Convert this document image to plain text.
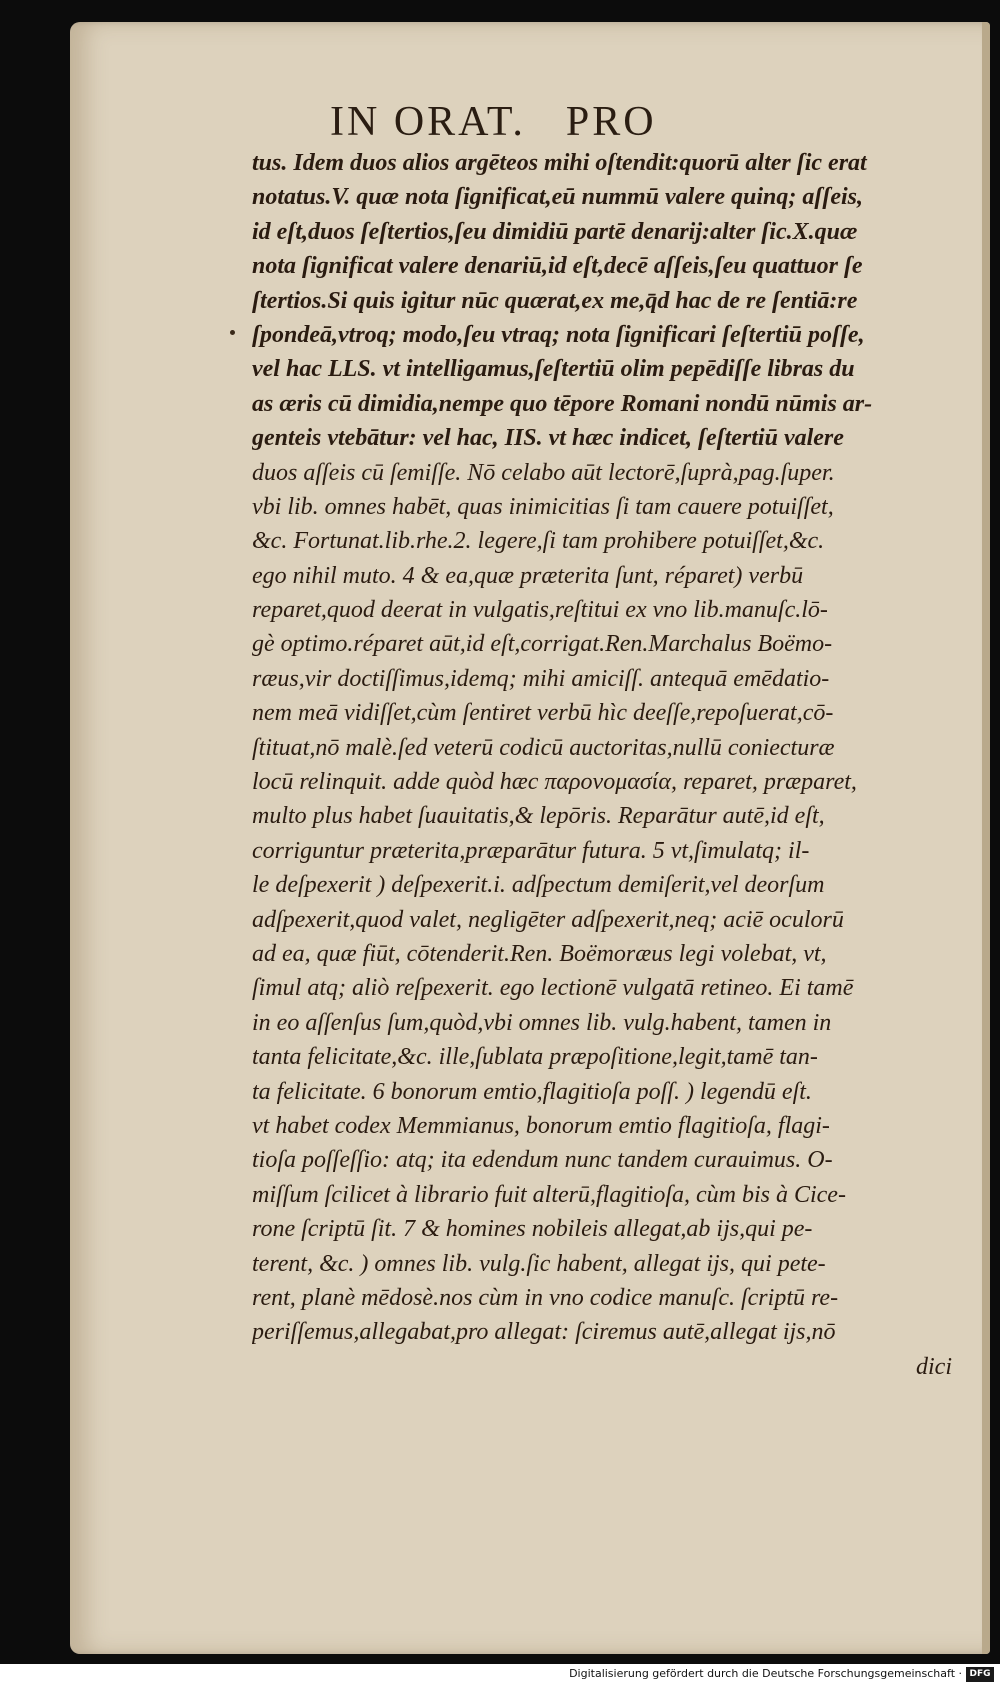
IN ORAT. PRO
tus. Idem duos alios argēteos mihi oſtendit:quorū alter ſic erat
notatus.V. quæ nota ſignificat,eū nummū valere quinq; aſſeis,
id eſt,duos ſeſtertios,ſeu dimidiū partē denarij:alter ſic.X.quæ
nota ſignificat valere denariū,id eſt,decē aſſeis,ſeu quattuor ſe
ſtertios.Si quis igitur nūc quærat,ex me,q̄d hac de re ſentiā:re
ſpondeā,vtroq; modo,ſeu vtraq; nota ſignificari ſeſtertiū poſſe,
vel hac LLS. vt intelligamus,ſeſtertiū olim pepēdiſſe libras du
as æris cū dimidia,nempe quo tēpore Romani nondū nūmis ar-
genteis vtebātur: vel hac, IIS. vt hæc indicet, ſeſtertiū valere
duos aſſeis cū ſemiſſe. Nō celabo aūt lectorē,ſuprà,pag.ſuper.
vbi lib. omnes habēt, quas inimicitias ſi tam cauere potuiſſet,
&c. Fortunat.lib.rhe.2. legere,ſi tam prohibere potuiſſet,&c.
ego nihil muto. 4 & ea,quæ præterita ſunt, réparet) verbū
reparet,quod deerat in vulgatis,reſtitui ex vno lib.manuſc.lō-
gè optimo.réparet aūt,id eſt,corrigat.Ren.Marchalus Boëmo-
ræus,vir doctiſſimus,idemq; mihi amiciſſ. antequā emēdatio-
nem meā vidiſſet,cùm ſentiret verbū hìc deeſſe,repoſuerat,cō-
ſtituat,nō malè.ſed veterū codicū auctoritas,nullū coniecturæ
locū relinquit. adde quòd hæc παρονομασία, reparet, præparet,
multo plus habet ſuauitatis,& lepōris. Reparātur autē,id eſt,
corriguntur præterita,præparātur futura. 5 vt,ſimulatq; il-
le deſpexerit ) deſpexerit.i. adſpectum demiſerit,vel deorſum
adſpexerit,quod valet, negligēter adſpexerit,neq; aciē oculorū
ad ea, quæ fiūt, cōtenderit.Ren. Boëmoræus legi volebat, vt,
ſimul atq; aliò reſpexerit. ego lectionē vulgatā retineo. Ei tamē
in eo aſſenſus ſum,quòd,vbi omnes lib. vulg.habent, tamen in
tanta felicitate,&c. ille,ſublata præpoſitione,legit,tamē tan-
ta felicitate. 6 bonorum emtio,flagitioſa poſſ. ) legendū eſt.
vt habet codex Memmianus, bonorum emtio flagitioſa, flagi-
tioſa poſſeſſio: atq; ita edendum nunc tandem curauimus. O-
miſſum ſcilicet à librario fuit alterū,flagitioſa, cùm bis à Cice-
rone ſcriptū ſit. 7 & homines nobileis allegat,ab ijs,qui pe-
terent, &c. ) omnes lib. vulg.ſic habent, allegat ijs, qui pete-
rent, planè mēdosè.nos cùm in vno codice manuſc. ſcriptū re-
periſſemus,allegabat,pro allegat: ſciremus autē,allegat ijs,nō
dici
Digitalisierung gefördert durch die Deutsche Forschungsgemeinschaft · DFG
